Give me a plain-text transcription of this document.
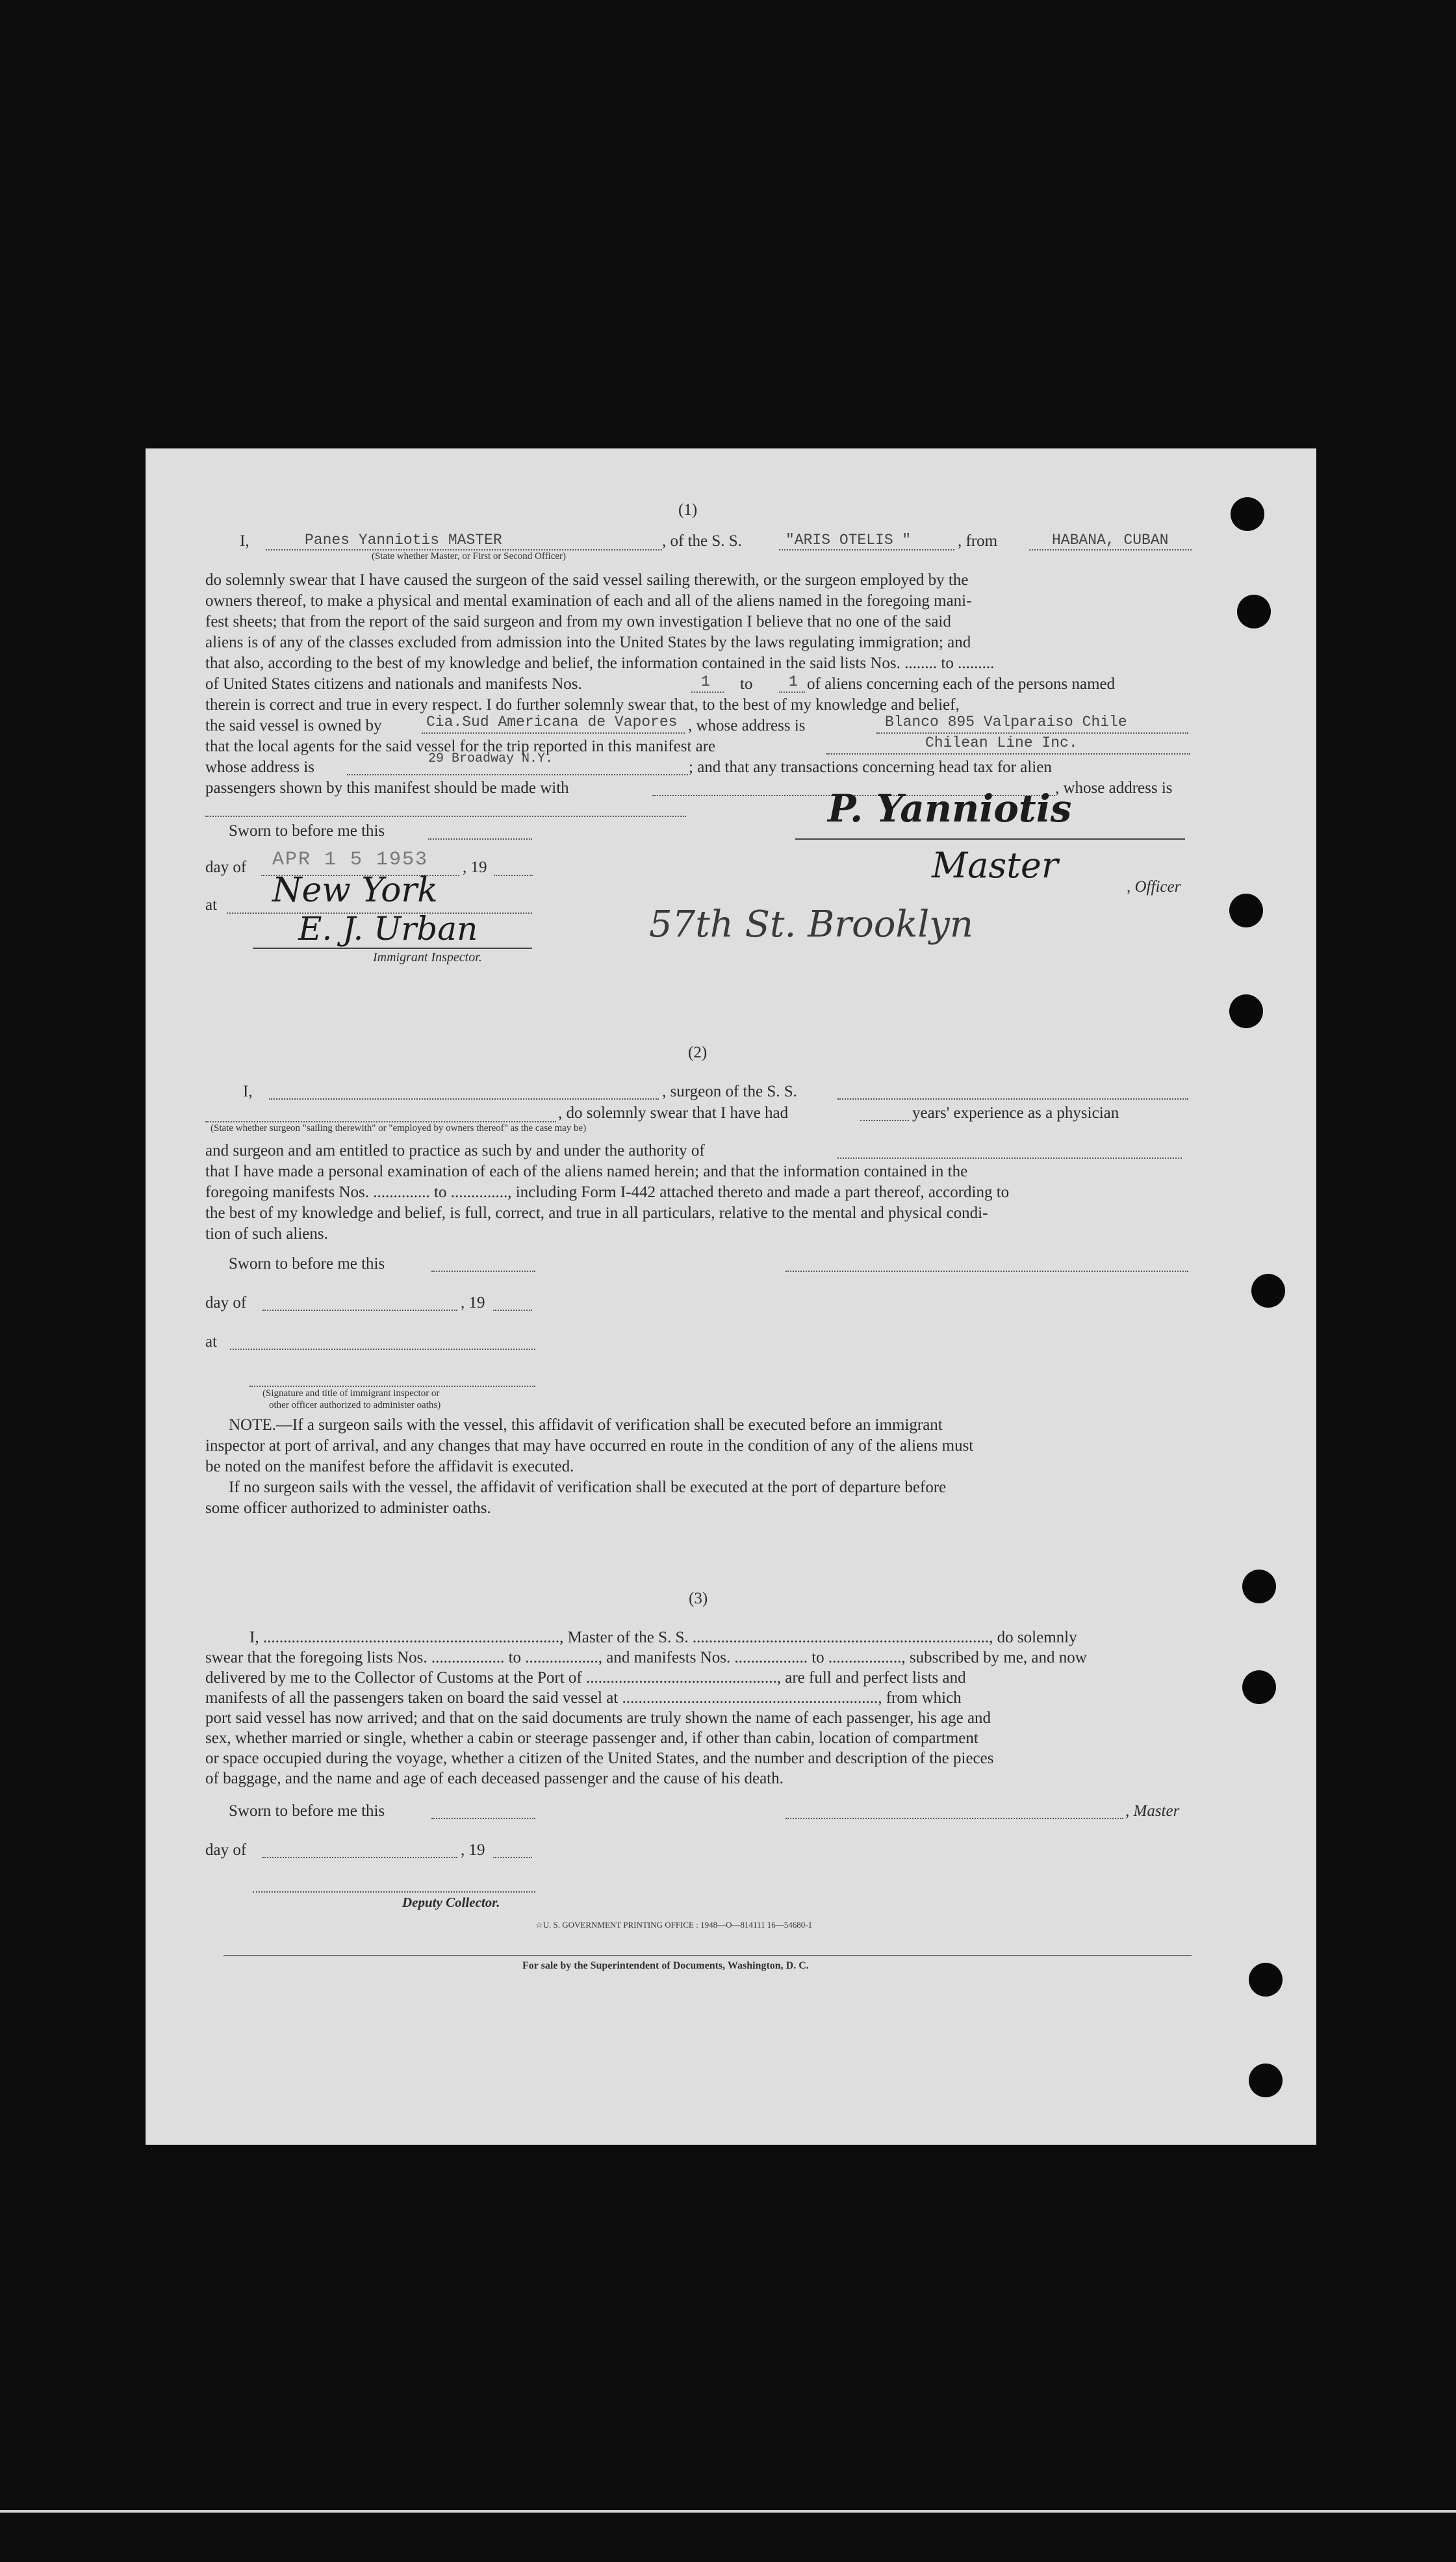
(1)
I,	Panes Yanniotis MASTER	, of the S. S.	"ARIS OTELIS "	, from	HABANA, CUBAN
(State whether Master, or First or Second Officer)
do solemnly swear that I have caused the surgeon of the said vessel sailing therewith, or the surgeon employed by the
owners thereof, to make a physical and mental examination of each and all of the aliens named in the foregoing mani-
fest sheets; that from the report of the said surgeon and from my own investigation I believe that no one of the said
aliens is of any of the classes excluded from admission into the United States by the laws regulating immigration; and
that also, according to the best of my knowledge and belief, the information contained in the said lists Nos. ........ to .........
of United States citizens and nationals and manifests Nos.	1 to 1 of aliens concerning each of the persons named
therein is correct and true in every respect. I do further solemnly swear that, to the best of my knowledge and belief,
the said vessel is owned by	Cia.Sud Americana de Vapores , whose address is	Blanco 895 Valparaiso Chile
that the local agents for the said vessel for the trip reported in this manifest are	Chilean Line Inc.
whose address is	29 Broadway N.Y.	; and that any transactions concerning head tax for alien
passengers shown by this manifest should be made with	, whose address is
Sworn to before me this
day of APR 1 5 1953 , 19
at New York
E. J. Urban
Immigrant Inspector.
P. Yanniotis
Master
, Officer
57th St. Brooklyn
(2)
I,	, surgeon of the S. S.
, do solemnly swear that I have had	years' experience as a physician
(State whether surgeon "sailing therewith" or "employed by owners thereof" as the case may be)
and surgeon and am entitled to practice as such by and under the authority of
that I have made a personal examination of each of the aliens named herein; and that the information contained in the
foregoing manifests Nos. .............. to .............., including Form I-442 attached thereto and made a part thereof, according to
the best of my knowledge and belief, is full, correct, and true in all particulars, relative to the mental and physical condi-
tion of such aliens.
Sworn to before me this
day of	, 19
at
(Signature and title of immigrant inspector or
other officer authorized to administer oaths)
NOTE.—If a surgeon sails with the vessel, this affidavit of verification shall be executed before an immigrant
inspector at port of arrival, and any changes that may have occurred en route in the condition of any of the aliens must
be noted on the manifest before the affidavit is executed.
If no surgeon sails with the vessel, the affidavit of verification shall be executed at the port of departure before
some officer authorized to administer oaths.
(3)
I, ........................................................................., Master of the S. S. ........................................................................., do solemnly
swear that the foregoing lists Nos. .................. to .................., and manifests Nos. .................. to .................., subscribed by me, and now
delivered by me to the Collector of Customs at the Port of ..............................................., are full and perfect lists and
manifests of all the passengers taken on board the said vessel at ..............................................................., from which
port said vessel has now arrived; and that on the said documents are truly shown the name of each passenger, his age and
sex, whether married or single, whether a cabin or steerage passenger and, if other than cabin, location of compartment
or space occupied during the voyage, whether a citizen of the United States, and the number and description of the pieces
of baggage, and the name and age of each deceased passenger and the cause of his death.
Sworn to before me this	, Master
day of	, 19
Deputy Collector.
☆U. S. GOVERNMENT PRINTING OFFICE : 1948—O—814111 16—54680-1
For sale by the Superintendent of Documents, Washington, D. C.
